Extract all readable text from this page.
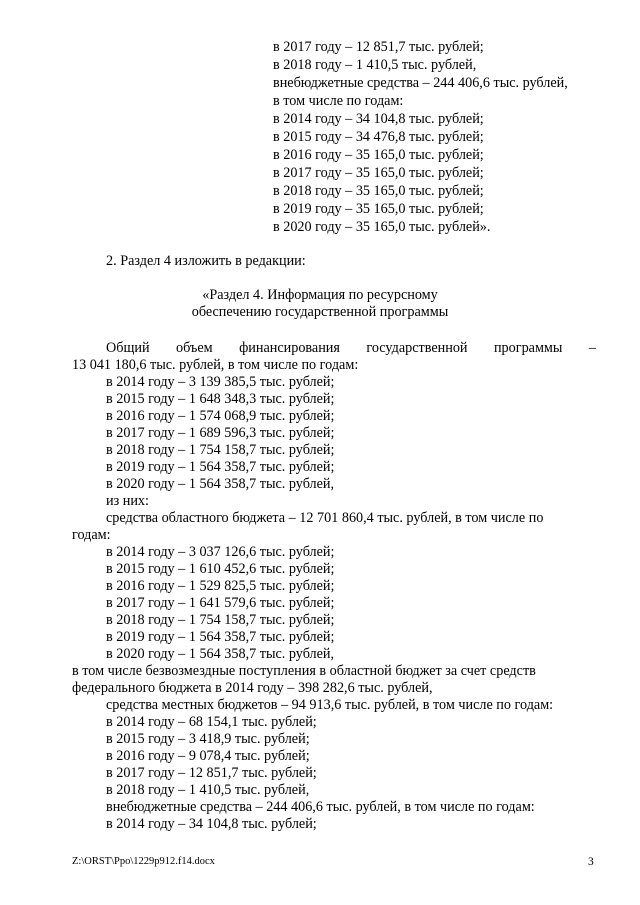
в 2017 году – 12 851,7 тыс. рублей;
в 2018 году – 1 410,5 тыс. рублей,
внебюджетные средства – 244 406,6 тыс. рублей,
в том числе по годам:
в 2014 году – 34 104,8 тыс. рублей;
в 2015 году – 34 476,8 тыс. рублей;
в 2016 году – 35 165,0 тыс. рублей;
в 2017 году – 35 165,0 тыс. рублей;
в 2018 году – 35 165,0 тыс. рублей;
в 2019 году – 35 165,0 тыс. рублей;
в 2020 году – 35 165,0 тыс. рублей».
2. Раздел 4 изложить в редакции:
«Раздел 4. Информация по ресурсному
обеспечению государственной программы
Общий объем финансирования государственной программы –
13 041 180,6 тыс. рублей, в том числе по годам:
в 2014 году – 3 139 385,5 тыс. рублей;
в 2015 году – 1 648 348,3 тыс. рублей;
в 2016 году – 1 574 068,9 тыс. рублей;
в 2017 году – 1 689 596,3 тыс. рублей;
в 2018 году – 1 754 158,7 тыс. рублей;
в 2019 году – 1 564 358,7 тыс. рублей;
в 2020 году – 1 564 358,7 тыс. рублей,
из них:
средства областного бюджета – 12 701 860,4 тыс. рублей, в том числе по
годам:
в 2014 году – 3 037 126,6 тыс. рублей;
в 2015 году – 1 610 452,6 тыс. рублей;
в 2016 году – 1 529 825,5 тыс. рублей;
в 2017 году – 1 641 579,6 тыс. рублей;
в 2018 году – 1 754 158,7 тыс. рублей;
в 2019 году – 1 564 358,7 тыс. рублей;
в 2020 году – 1 564 358,7 тыс. рублей,
в том числе безвозмездные поступления в областной бюджет за счет средств
федерального бюджета в 2014 году – 398 282,6 тыс. рублей,
средства местных бюджетов – 94 913,6 тыс. рублей, в том числе по годам:
в 2014 году – 68 154,1 тыс. рублей;
в 2015 году – 3 418,9 тыс. рублей;
в 2016 году – 9 078,4 тыс. рублей;
в 2017 году – 12 851,7 тыс. рублей;
в 2018 году – 1 410,5 тыс. рублей,
внебюджетные средства – 244 406,6 тыс. рублей, в том числе по годам:
в 2014 году – 34 104,8 тыс. рублей;
Z:\ORST\Ppo\1229p912.f14.docx	3
